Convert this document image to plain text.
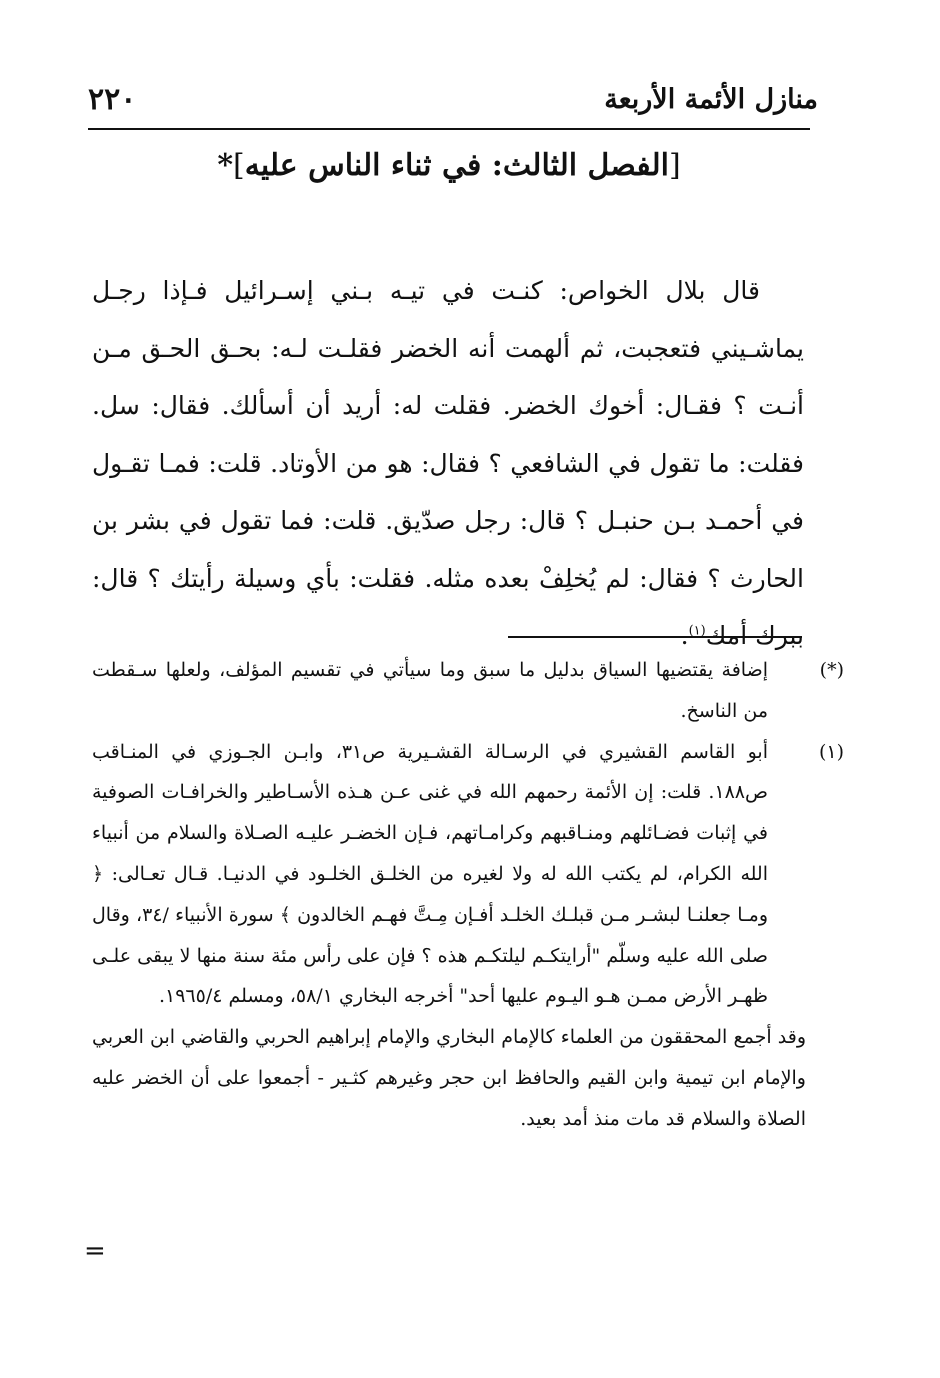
منازل الأئمة الأربعة
٢٢٠
[الفصل الثالث: في ثناء الناس عليه]*

قال بلال الخواص: كنـت في تيـه بـني إسـرائيل فـإذا رجـل يماشـيني فتعجبت، ثم ألهمت أنه الخضر فقلـت لـه: بحـق الحـق مـن أنـت ؟ فقـال: أخوك الخضر. فقلت له: أريد أن أسألك. فقال: سل. فقلت: ما تقول في الشافعي ؟ فقال: هو من الأوتاد. قلت: فمـا تقـول في أحمـد بـن حنبـل ؟ قال: رجل صدّيق. قلت: فما تقول في بشر بن الحارث ؟ فقال: لم يُخلِفْ بعده مثله. فقلت: بأي وسيلة رأيتك ؟ قال: ببرك أمك$^{(١)}$.

(*)إضافة يقتضيها السياق بدليل ما سبق وما سيأتي في تقسيم المؤلف، ولعلها سـقطت من الناسخ.

(١)أبو القاسم القشيري في الرسـالة القشـيرية ص٣١، وابـن الجـوزي في المنـاقب ص١٨٨. قلت: إن الأئمة رحمهم الله في غنى عـن هـذه الأسـاطير والخرافـات الصوفية في إثبات فضـائلهم ومنـاقبهم وكرامـاتهم، فـإن الخضـر عليـه الصـلاة والسلام من أنبياء الله الكرام، لم يكتب الله له ولا لغيره من الخلـق الخلـود في الدنيـا. قـال تعـالى: ﴿ ومـا جعلنـا لبشـر مـن قبلـك الخلـد أفـإن مِـتَّ فهـم الخالدون ﴾ سورة الأنبياء /٣٤، وقال صلى الله عليه وسلّم "أرايتكـم ليلتكـم هذه ؟ فإن على رأس مئة سنة منها لا يبقى علـى ظهـر الأرض ممـن هـو اليـوم عليها أحد" أخرجه البخاري ٥٨/١، ومسلم ١٩٦٥/٤.

وقد أجمع المحققون من العلماء كالإمام البخاري والإمام إبراهيم الحربي والقاضي ابن العربي والإمام ابن تيمية وابن القيم والحافظ ابن حجر وغيرهم كثـير - أجمعوا على أن الخضر عليه الصلاة والسلام قد مات منذ أمد بعيد.

=
